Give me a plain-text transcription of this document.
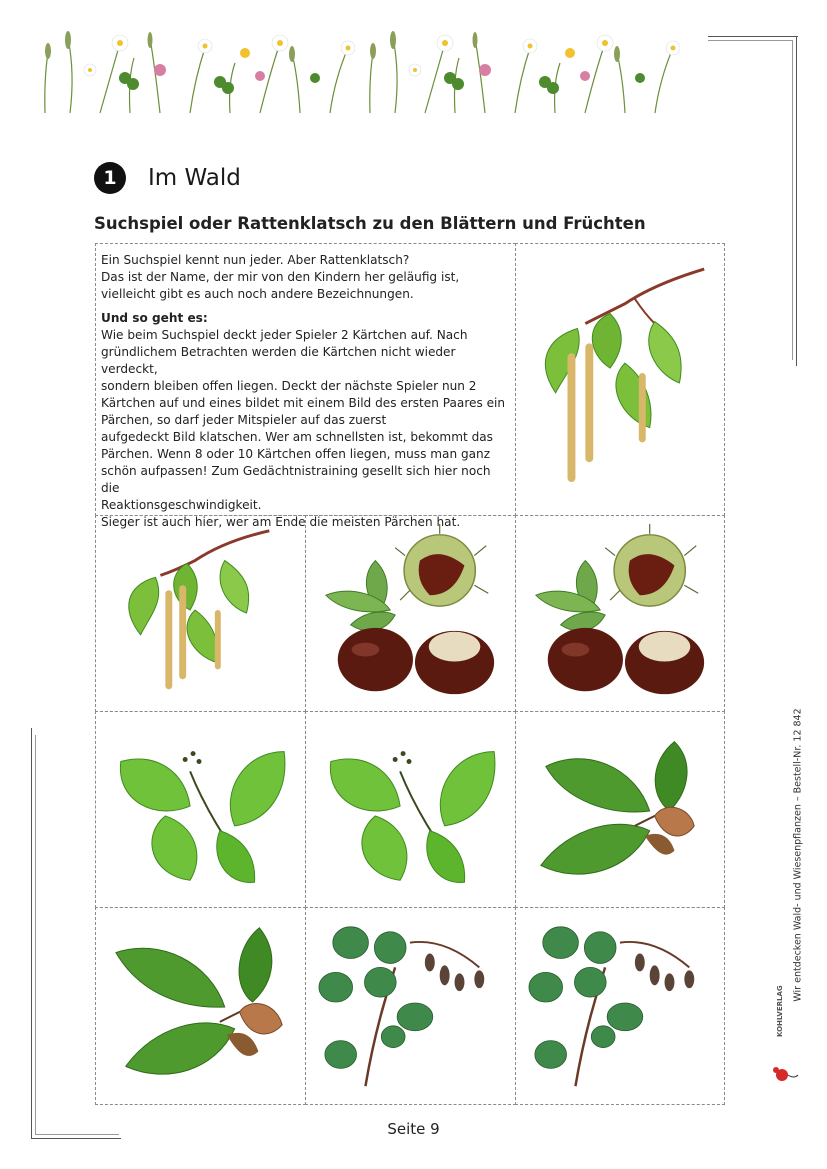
1	Im Wald
Suchspiel oder Rattenklatsch zu den Blättern und Früchten

Ein Suchspiel kennt nun jeder. Aber Rattenklatsch?

Das ist der Name, der mir von den Kindern her geläufig ist,

vielleicht gibt es auch noch andere Bezeichnungen.

Und so geht es:

Wie beim Suchspiel deckt jeder Spieler 2 Kärtchen auf. Nach

gründlichem Betrachten werden die Kärtchen nicht wieder verdeckt,

sondern bleiben offen liegen. Deckt der nächste Spieler nun 2

Kärtchen auf und eines bildet mit einem Bild des ersten Paares ein

Pärchen, so darf jeder Mitspieler auf das zuerst

aufgedeckt Bild klatschen. Wer am schnellsten ist, bekommt das

Pärchen. Wenn 8 oder 10 Kärtchen offen liegen, muss man ganz

schön aufpassen! Zum Gedächtnistraining gesellt sich hier noch die

Reaktionsgeschwindigkeit.

Sieger ist auch hier, wer am Ende die meisten Pärchen hat.

Wir entdecken Wald- und Wiesenpflanzen – Bestell-Nr. 12 842
KOHLVERLAG
Seite 9
